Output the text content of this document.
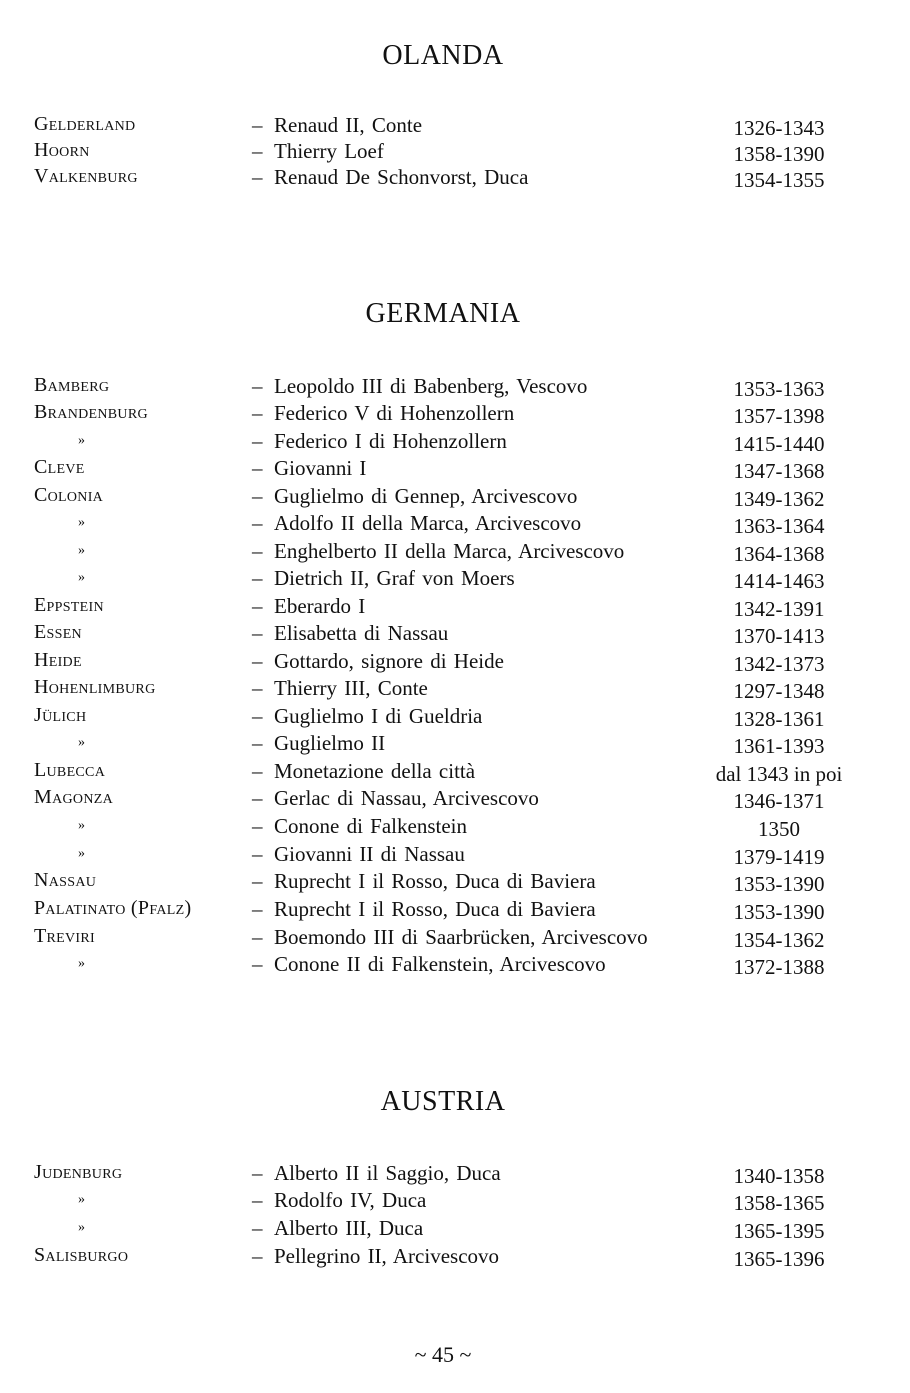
OLANDA
Gelderland	– Renaud II, Conte	1326-1343
Hoorn	– Thierry Loef	1358-1390
Valkenburg	– Renaud De Schonvorst, Duca	1354-1355
GERMANIA
Bamberg	– Leopoldo III di Babenberg, Vescovo	1353-1363
Brandenburg	– Federico V di Hohenzollern	1357-1398
»	– Federico I di Hohenzollern	1415-1440
Cleve	– Giovanni I	1347-1368
Colonia	– Guglielmo di Gennep, Arcivescovo	1349-1362
»	– Adolfo II della Marca, Arcivescovo	1363-1364
»	– Enghelberto II della Marca, Arcivescovo	1364-1368
»	– Dietrich II, Graf von Moers	1414-1463
Eppstein	– Eberardo I	1342-1391
Essen	– Elisabetta di Nassau	1370-1413
Heide	– Gottardo, signore di Heide	1342-1373
Hohenlimburg	– Thierry III, Conte	1297-1348
Jülich	– Guglielmo I di Gueldria	1328-1361
»	– Guglielmo II	1361-1393
Lubecca	– Monetazione della città	dal 1343 in poi
Magonza	– Gerlac di Nassau, Arcivescovo	1346-1371
»	– Conone di Falkenstein	1350
»	– Giovanni II di Nassau	1379-1419
Nassau	– Ruprecht I il Rosso, Duca di Baviera	1353-1390
Palatinato (Pfalz)	– Ruprecht I il Rosso, Duca di Baviera	1353-1390
Treviri	– Boemondo III di Saarbrücken, Arcivescovo	1354-1362
»	– Conone II di Falkenstein, Arcivescovo	1372-1388
AUSTRIA
Judenburg	– Alberto II il Saggio, Duca	1340-1358
»	– Rodolfo IV, Duca	1358-1365
»	– Alberto III, Duca	1365-1395
Salisburgo	– Pellegrino II, Arcivescovo	1365-1396
~ 45 ~
